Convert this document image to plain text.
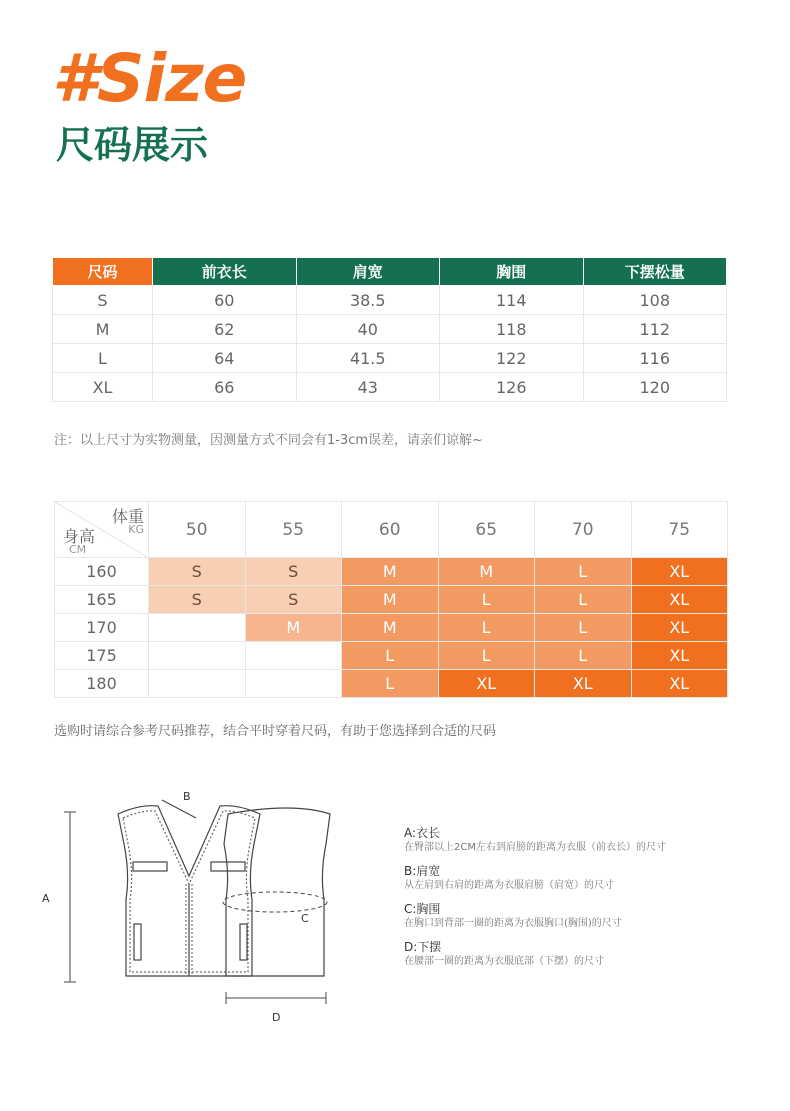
#Size
尺码展示
尺码	前衣长	肩宽	胸围	下摆松量
S	60	38.5	114	108
M	62	40	118	112
L	64	41.5	122	116
XL	66	43	126	120
注：以上尺寸为实物测量，因测量方式不同会有1-3cm误差，请亲们谅解~
体重
KG
身高
CM	50	55	60	65	70	75
160	S	S	M	M	L	XL
165	S	S	M	L	L	XL
170		M	M	L	L	XL
175			L	L	L	XL
180			L	XL	XL	XL
选购时请综合参考尺码推荐，结合平时穿着尺码，有助于您选择到合适的尺码
A
B
C
D
A:衣长
在臀部以上2CM左右到肩膀的距离为衣服（前衣长）的尺寸
B:肩宽
从左肩到右肩的距离为衣服肩膀（肩宽）的尺寸
C:胸围
在胸口到背部一圈的距离为衣服胸口(胸围)的尺寸
D:下摆
在腰部一圈的距离为衣服底部（下摆）的尺寸
